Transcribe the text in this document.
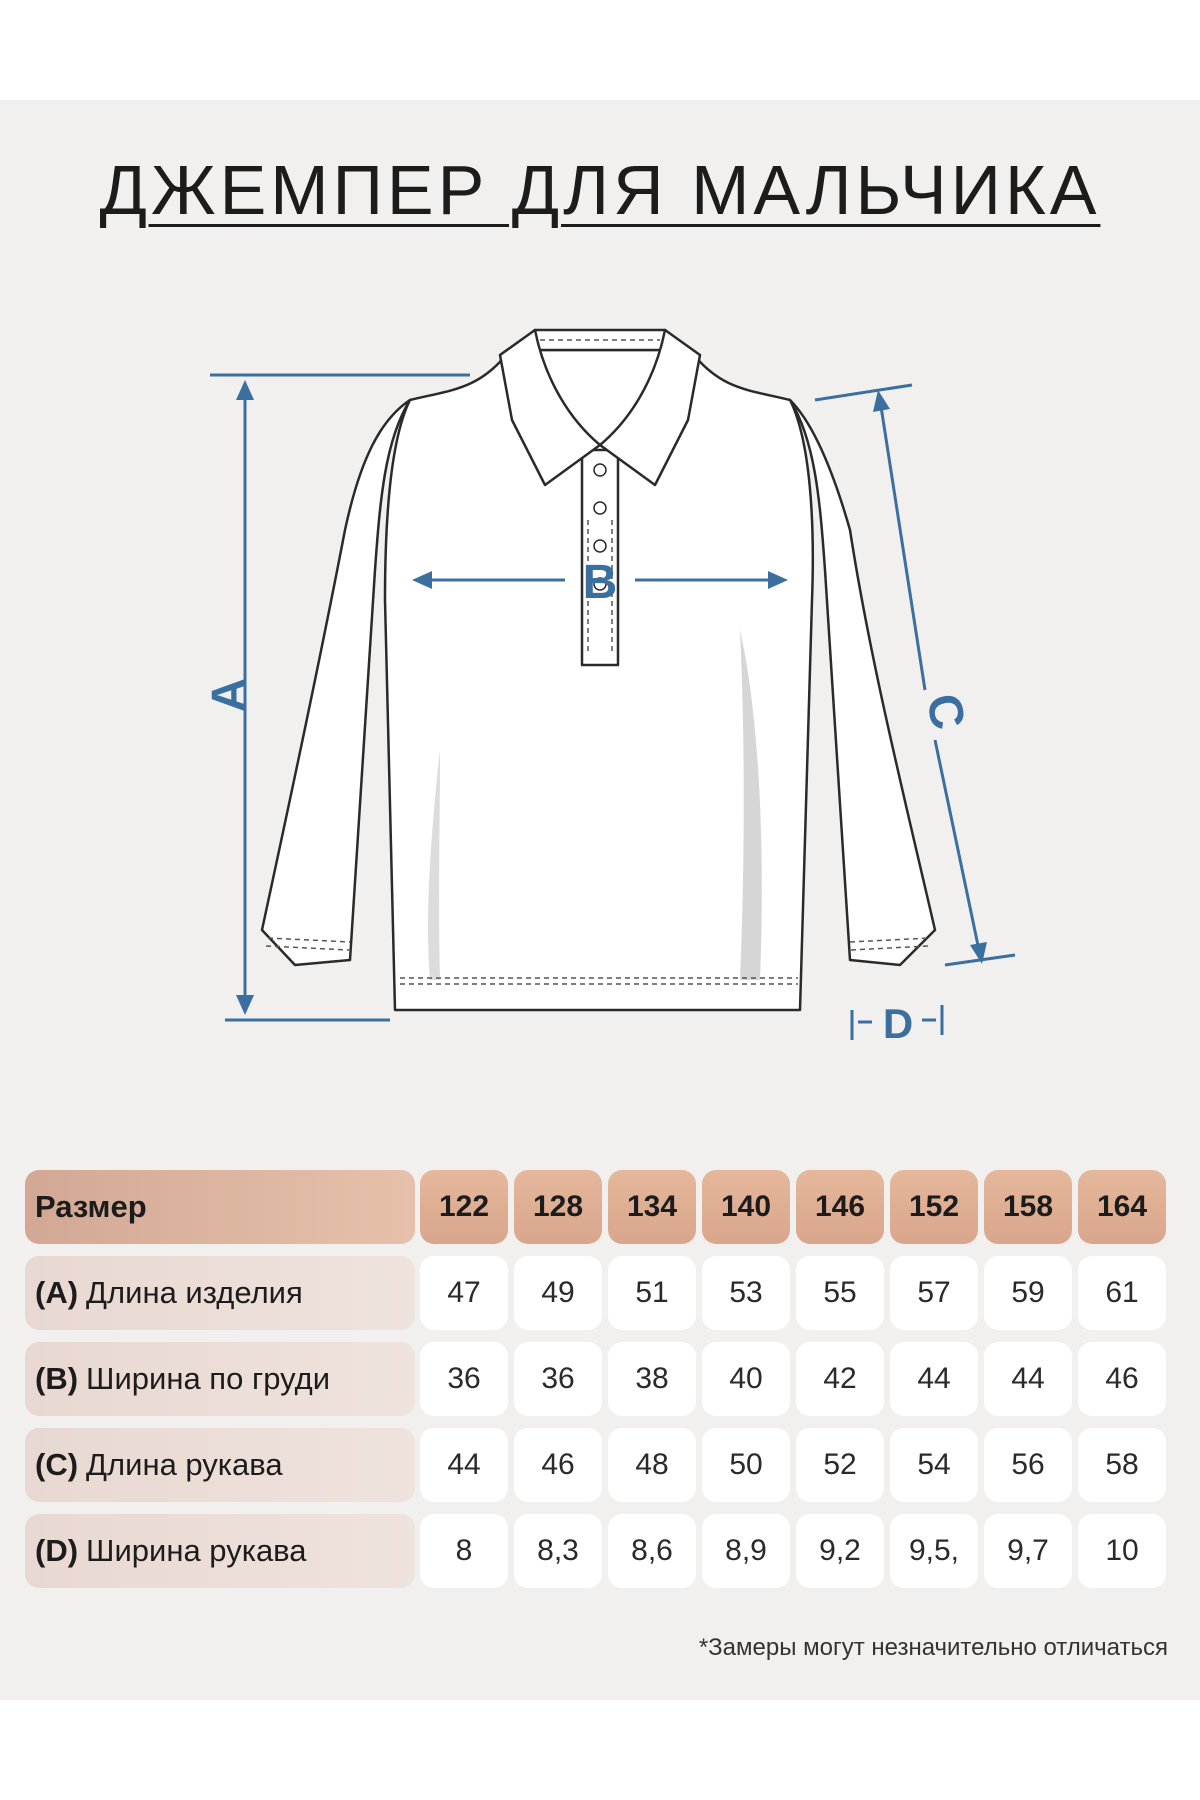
ДЖЕМПЕР ДЛЯ МАЛЬЧИКА
A
B
C
D
Размер	122	128	134	140	146	152	158	164
(A) Длина изделия	47	49	51	53	55	57	59	61
(B) Ширина по груди	36	36	38	40	42	44	44	46
(C) Длина рукава	44	46	48	50	52	54	56	58
(D) Ширина рукава	8	8,3	8,6	8,9	9,2	9,5,	9,7	10
*Замеры могут незначительно отличаться
